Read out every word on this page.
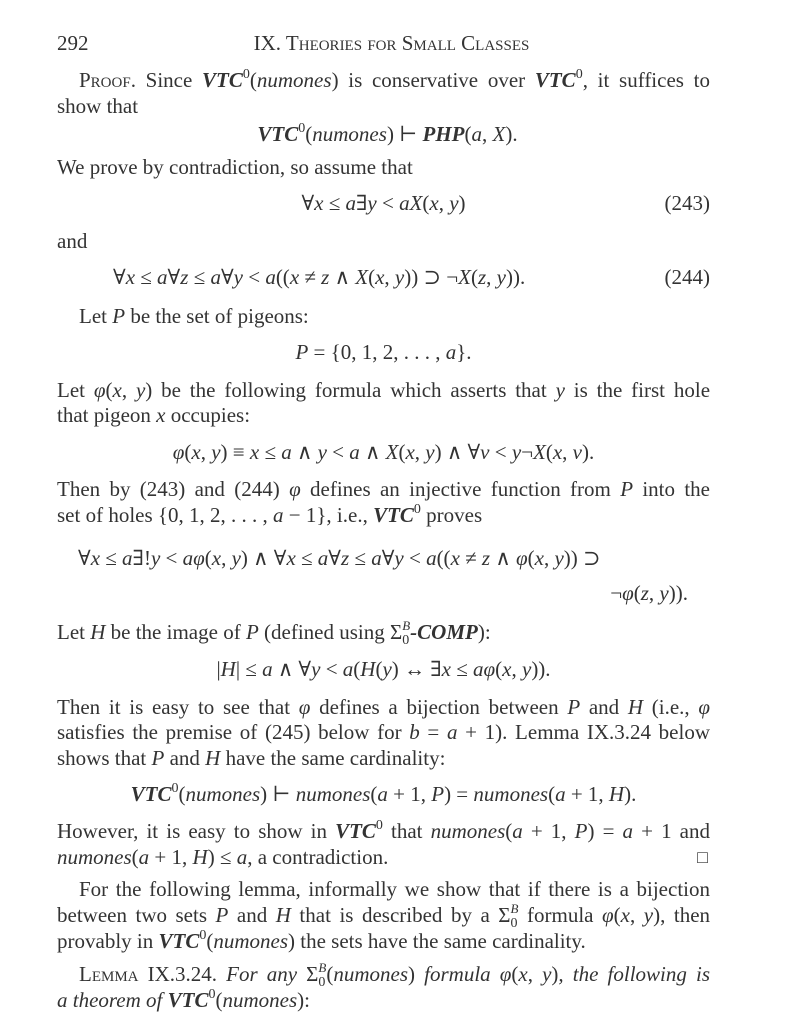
292	IX. Theories for Small Classes
Proof. Since VTC$^0$(numones) is conservative over VTC$^0$, it suffices to
show that
VTC$^0$(numones) ⊢ PHP(a, X).
We prove by contradiction, so assume that
∀x ≤ a∃y < aX(x, y)	(243)
and
∀x ≤ a∀z ≤ a∀y < a((x ≠ z ∧ X(x, y)) ⊃ ¬X(z, y)).	(244)
Let P be the set of pigeons:
P = {0, 1, 2, . . . , a}.
Let φ(x, y) be the following formula which asserts that y is the first hole
that pigeon x occupies:
φ(x, y) ≡ x ≤ a ∧ y < a ∧ X(x, y) ∧ ∀v < y¬X(x, v).
Then by (243) and (244) φ defines an injective function from P into the
set of holes {0, 1, 2, . . . , a − 1}, i.e., VTC$^0$ proves
∀x ≤ a∃!y < aφ(x, y) ∧ ∀x ≤ a∀z ≤ a∀y < a((x ≠ z ∧ φ(x, y)) ⊃
¬φ(z, y)).
Let H be the image of P (defined using $\Sigma_0^B-COMP$):
|H| ≤ a ∧ ∀y < a(H(y) ↔ ∃x ≤ aφ(x, y)).
Then it is easy to see that φ defines a bijection between P and H (i.e., φ
satisfies the premise of (245) below for b = a + 1). Lemma IX.3.24 below
shows that P and H have the same cardinality:
VTC$^0$(numones) ⊢ numones(a + 1, P) = numones(a + 1, H).
However, it is easy to show in VTC$^0$ that numones(a + 1, P) = a + 1 and
numones(a + 1, H) ≤ a, a contradiction.	□
For the following lemma, informally we show that if there is a bijection
between two sets P and H that is described by a $\Sigma_0^B$ formula φ(x, y), then
provably in VTC$^0$(numones) the sets have the same cardinality.
Lemma IX.3.24. For any $\Sigma_0^B(numones)$ formula φ(x, y), the following is
a theorem of VTC$^0$(numones):
